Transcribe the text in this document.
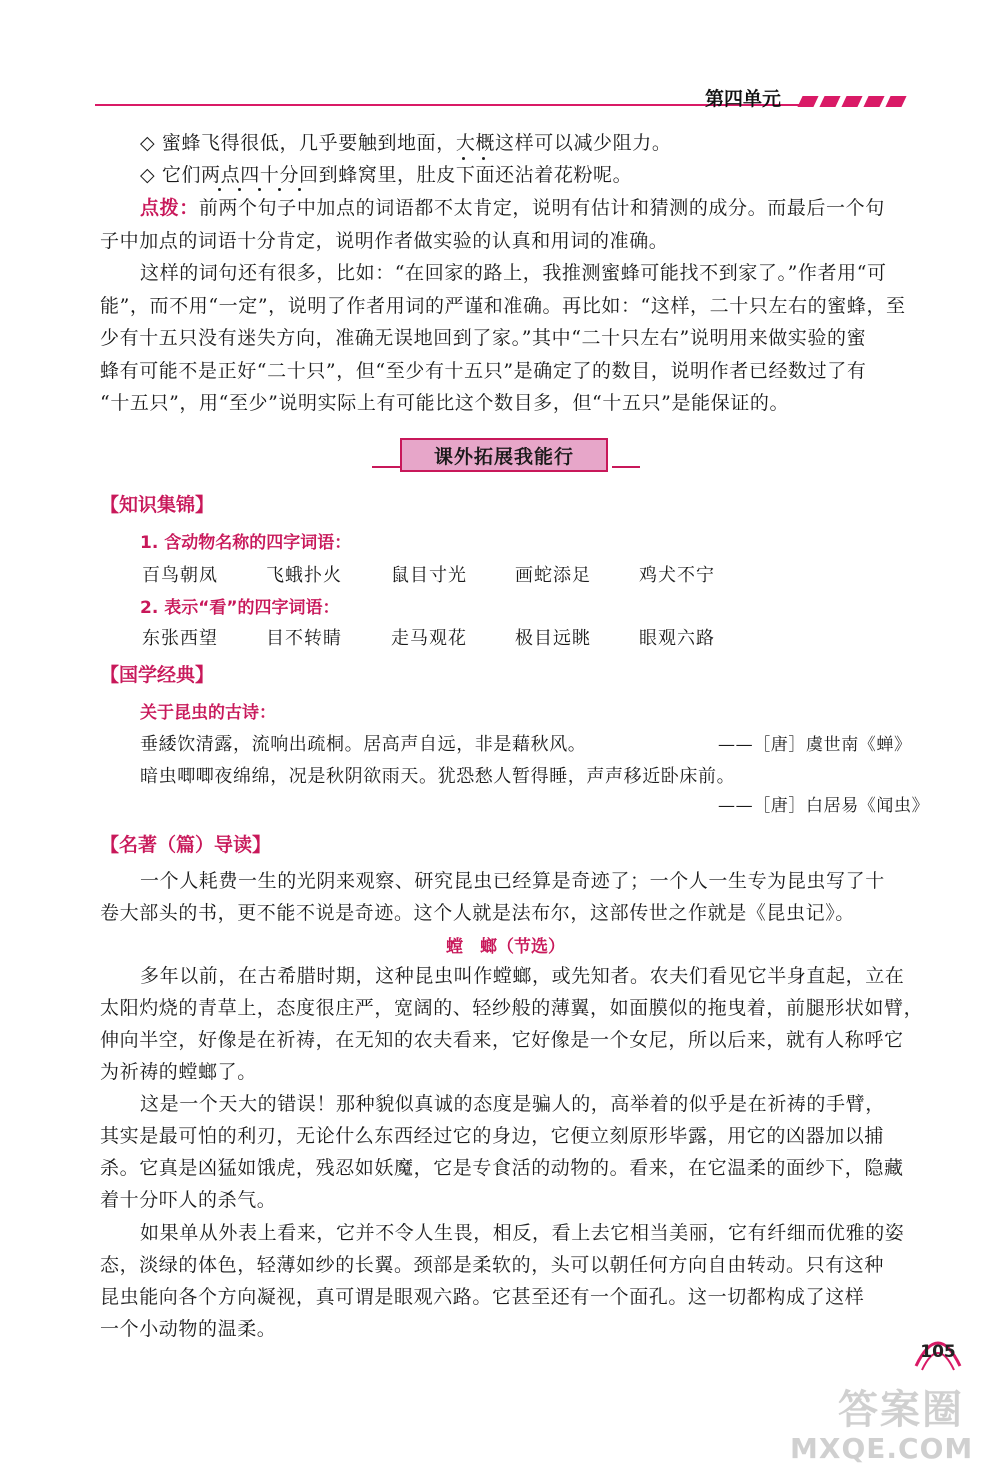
第四单元
◇ 蜜蜂飞得很低，几乎要触到地面，大概这样可以减少阻力。
◇ 它们两点四十分回到蜂窝里，肚皮下面还沾着花粉呢。
点拨：前两个句子中加点的词语都不太肯定，说明有估计和猜测的成分。而最后一个句
子中加点的词语十分肯定，说明作者做实验的认真和用词的准确。
这样的词句还有很多，比如：“在回家的路上，我推测蜜蜂可能找不到家了。”作者用“可
能”，而不用“一定”，说明了作者用词的严谨和准确。再比如：“这样，二十只左右的蜜蜂，至
少有十五只没有迷失方向，准确无误地回到了家。”其中“二十只左右”说明用来做实验的蜜
蜂有可能不是正好“二十只”，但“至少有十五只”是确定了的数目，说明作者已经数过了有
“十五只”，用“至少”说明实际上有可能比这个数目多，但“十五只”是能保证的。
课外拓展我能行
【知识集锦】
1. 含动物名称的四字词语：
百鸟朝凤	飞蛾扑火	鼠目寸光	画蛇添足	鸡犬不宁
2. 表示“看”的四字词语：
东张西望	目不转睛	走马观花	极目远眺	眼观六路
【国学经典】
关于昆虫的古诗：
垂緌饮清露，流响出疏桐。居高声自远，非是藉秋风。	——［唐］虞世南《蝉》
暗虫唧唧夜绵绵，况是秋阴欲雨天。犹恐愁人暂得睡，声声移近卧床前。
——［唐］白居易《闻虫》
【名著（篇）导读】
一个人耗费一生的光阴来观察、研究昆虫已经算是奇迹了；一个人一生专为昆虫写了十
卷大部头的书，更不能不说是奇迹。这个人就是法布尔，这部传世之作就是《昆虫记》。
螳　螂（节选）
多年以前，在古希腊时期，这种昆虫叫作螳螂，或先知者。农夫们看见它半身直起，立在
太阳灼烧的青草上，态度很庄严，宽阔的、轻纱般的薄翼，如面膜似的拖曳着，前腿形状如臂，
伸向半空，好像是在祈祷，在无知的农夫看来，它好像是一个女尼，所以后来，就有人称呼它
为祈祷的螳螂了。
这是一个天大的错误！那种貌似真诚的态度是骗人的，高举着的似乎是在祈祷的手臂，
其实是最可怕的利刃，无论什么东西经过它的身边，它便立刻原形毕露，用它的凶器加以捕
杀。它真是凶猛如饿虎，残忍如妖魔，它是专食活的动物的。看来，在它温柔的面纱下，隐藏
着十分吓人的杀气。
如果单从外表上看来，它并不令人生畏，相反，看上去它相当美丽，它有纤细而优雅的姿
态，淡绿的体色，轻薄如纱的长翼。颈部是柔软的，头可以朝任何方向自由转动。只有这种
昆虫能向各个方向凝视，真可谓是眼观六路。它甚至还有一个面孔。这一切都构成了这样
一个小动物的温柔。
105
答案圈
MXQE.COM
